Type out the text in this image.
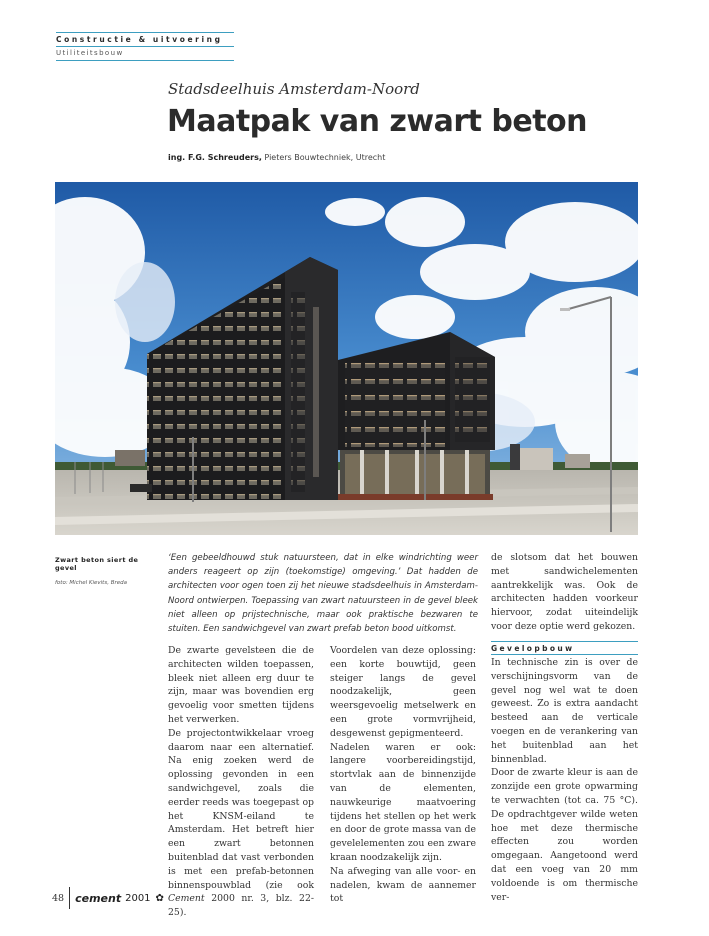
Constructie & uitvoering
Utiliteitsbouw
Stadsdeelhuis Amsterdam-Noord
Maatpak van zwart beton
ing. F.G. Schreuders, Pieters Bouwtechniek, Utrecht
Zwart beton siert de gevel
foto: Michel Kievits, Breda
‘Een gebeeldhouwd stuk natuursteen, dat in elke windrichting weer anders reageert op zijn (toekomstige) omgeving.’ Dat hadden de architecten voor ogen toen zij het nieuwe stadsdeelhuis in Amsterdam-Noord ontwierpen. Toepassing van zwart natuursteen in de gevel bleek niet alleen op prijstechnische, maar ook praktische bezwaren te stuiten. Een sandwichgevel van zwart prefab beton bood uitkomst.

De zwarte gevelsteen die de architecten wilden toepassen, bleek niet alleen erg duur te zijn, maar was bovendien erg gevoelig voor smetten tijdens het verwerken.

De projectontwikkelaar vroeg daarom naar een alternatief. Na enig zoeken werd de oplossing gevonden in een sandwichgevel, zoals die eerder reeds was toegepast op het KNSM-eiland te Amsterdam. Het betreft hier een zwart betonnen buitenblad dat vast verbonden is met een prefab-betonnen binnenspouwblad (zie ook Cement 2000 nr. 3, blz. 22-25).

Voordelen van deze oplossing: een korte bouwtijd, geen steiger langs de gevel noodzakelijk, geen weersgevoelig metselwerk en een grote vormvrijheid, desgewenst gepigmenteerd.

Nadelen waren er ook: langere voorbereidingstijd, stortvlak aan de binnenzijde van de elementen, nauwkeurige maatvoering tijdens het stellen op het werk en door de grote massa van de gevelelementen zou een zware kraan noodzakelijk zijn.

Na afweging van alle voor- en nadelen, kwam de aannemer tot

de slotsom dat het bouwen met sandwichelementen aantrekkelijk was. Ook de architecten hadden voorkeur hiervoor, zodat uiteindelijk voor deze optie werd gekozen.

Gevelopbouw

In technische zin is over de verschijningsvorm van de gevel nog wel wat te doen geweest. Zo is extra aandacht besteed aan de verticale voegen en de verankering van het buitenblad aan het binnenblad.

Door de zwarte kleur is aan de zonzijde een grote opwarming te verwachten (tot ca. 75 °C). De opdrachtgever wilde weten hoe met deze thermische effecten zou worden omgegaan. Aangetoond werd dat een voeg van 20 mm voldoende is om thermische ver-

48 cement 2001 ✿
